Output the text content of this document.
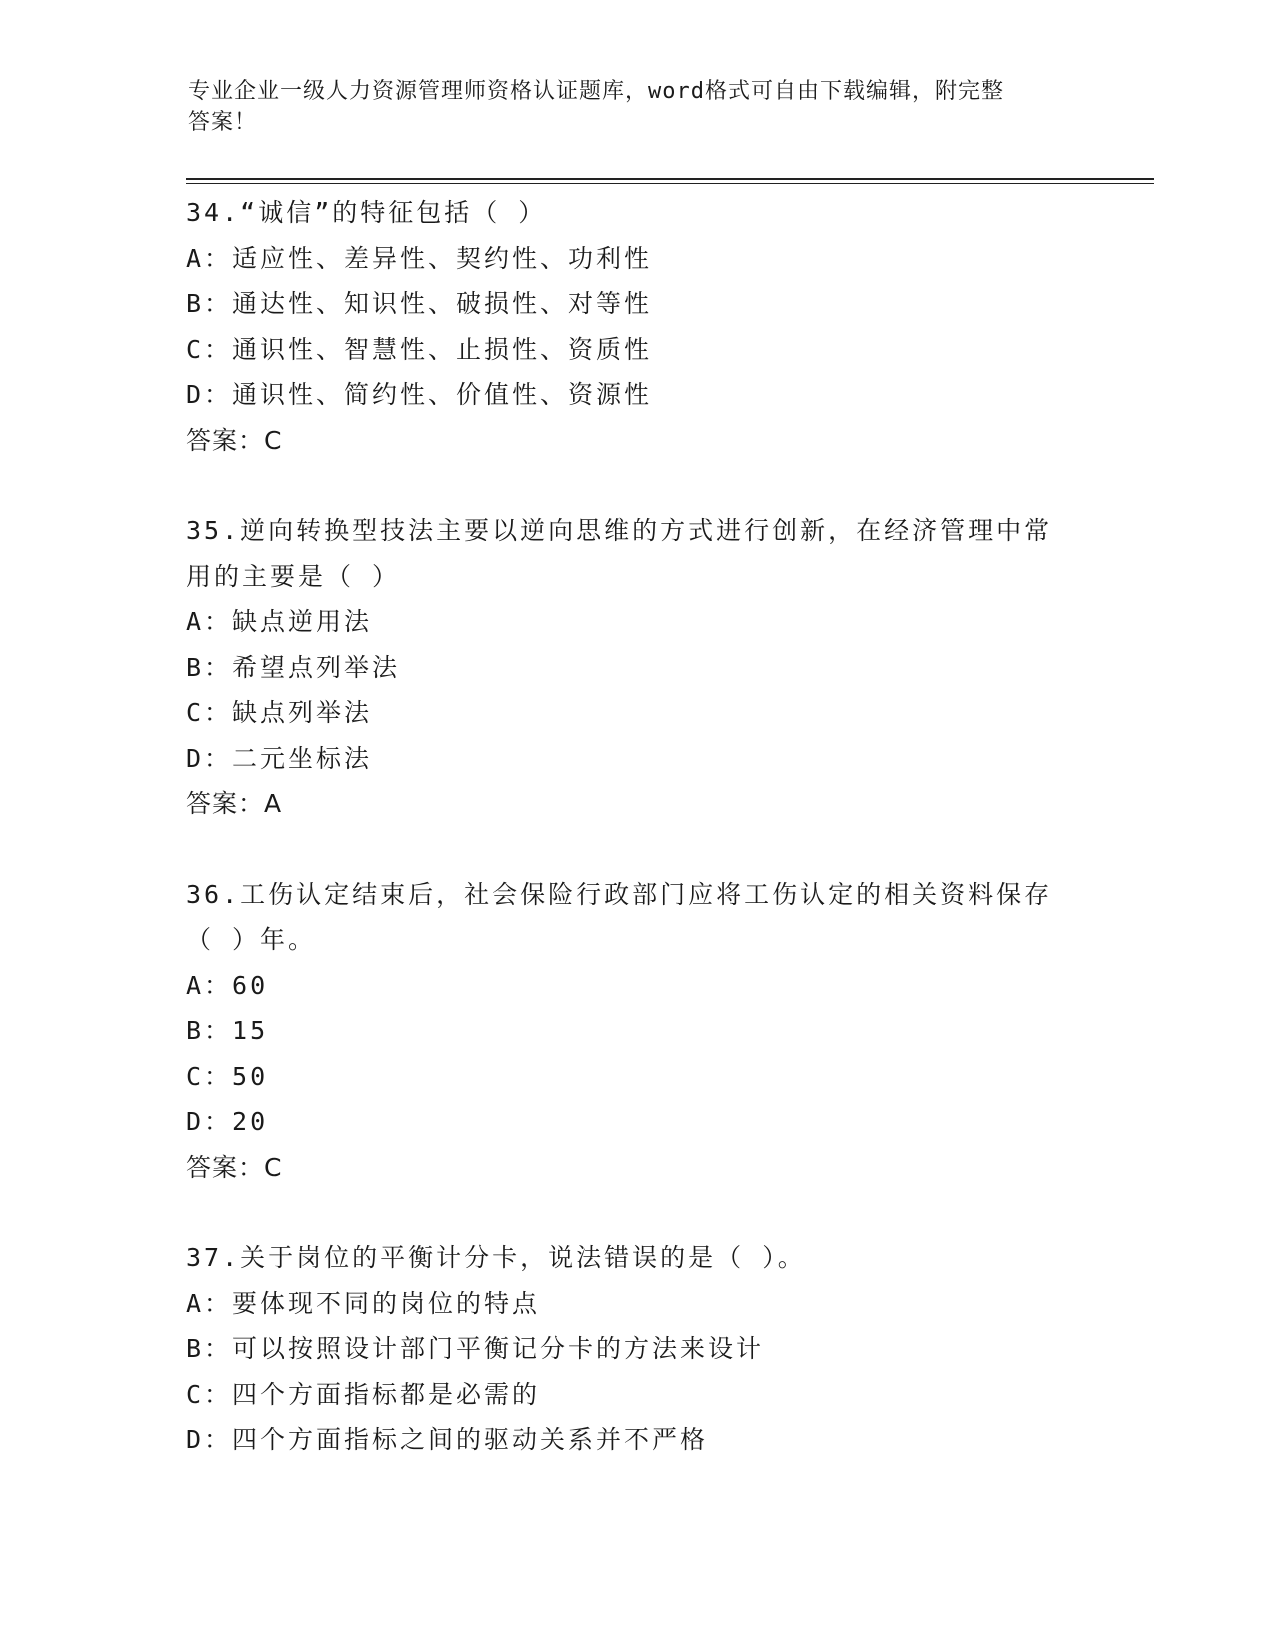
专业企业一级人力资源管理师资格认证题库，word格式可自由下载编辑，附完整
答案！
34.“诚信”的特征包括（ ）
A：适应性、差异性、契约性、功利性
B：通达性、知识性、破损性、对等性
C：通识性、智慧性、止损性、资质性
D：通识性、简约性、价值性、资源性
答案：C
35.逆向转换型技法主要以逆向思维的方式进行创新，在经济管理中常
用的主要是（ ）
A：缺点逆用法
B：希望点列举法
C：缺点列举法
D：二元坐标法
答案：A
36.工伤认定结束后，社会保险行政部门应将工伤认定的相关资料保存
（ ）年。
A：60
B：15
C：50
D：20
答案：C
37.关于岗位的平衡计分卡，说法错误的是（ ）。
A：要体现不同的岗位的特点
B：可以按照设计部门平衡记分卡的方法来设计
C：四个方面指标都是必需的
D：四个方面指标之间的驱动关系并不严格
